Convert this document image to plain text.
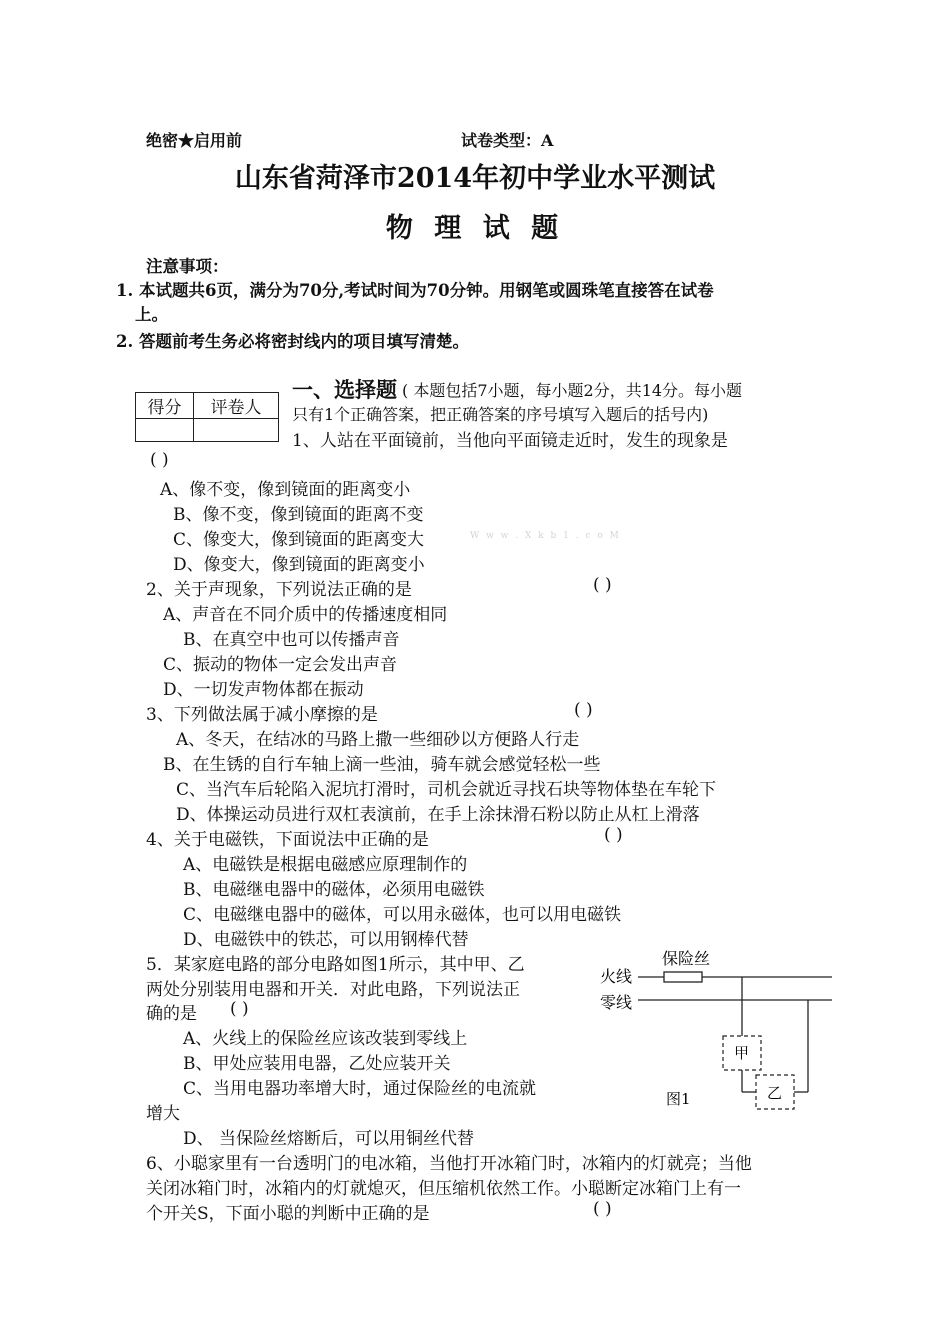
绝密★启用前	试卷类型：A
山东省菏泽市2014年初中学业水平测试
物 理 试 题
注意事项：
1. 本试题共6页，满分为70分,考试时间为70分钟。用钢笔或圆珠笔直接答在试卷
上。
2. 答题前考生务必将密封线内的项目填写清楚。
得分	评卷人

一、选择题 ( 本题包括7小题，每小题2分，共14分。每小题
只有1个正确答案，把正确答案的序号填写入题后的括号内)
1、人站在平面镜前，当他向平面镜走近时，发生的现象是
( )
A、像不变，像到镜面的距离变小
B、像不变，像到镜面的距离不变
C、像变大，像到镜面的距离变大	W w w . X k b 1 . c o M
D、像变大，像到镜面的距离变小
2、关于声现象，下列说法正确的是	( )
A、声音在不同介质中的传播速度相同
B、在真空中也可以传播声音
C、振动的物体一定会发出声音
D、一切发声物体都在振动
3、下列做法属于减小摩擦的是	( )
A、冬天，在结冰的马路上撒一些细砂以方便路人行走
B、在生锈的自行车轴上滴一些油，骑车就会感觉轻松一些
C、当汽车后轮陷入泥坑打滑时，司机会就近寻找石块等物体垫在车轮下
D、体操运动员进行双杠表演前，在手上涂抹滑石粉以防止从杠上滑落
4、关于电磁铁，下面说法中正确的是	( )
A、电磁铁是根据电磁感应原理制作的
B、电磁继电器中的磁体，必须用电磁铁
C、电磁继电器中的磁体，可以用永磁体，也可以用电磁铁
D、电磁铁中的铁芯，可以用钢棒代替
5．某家庭电路的部分电路如图1所示，其中甲、乙
两处分别装用电器和开关．对此电路，下列说法正
确的是 ( )
A、火线上的保险丝应该改装到零线上
B、甲处应装用电器，乙处应装开关
C、当用电器功率增大时，通过保险丝的电流就
增大
D、 当保险丝熔断后，可以用铜丝代替
保险丝
火线
零线
甲
乙
图1
6、小聪家里有一台透明门的电冰箱，当他打开冰箱门时，冰箱内的灯就亮；当他
关闭冰箱门时，冰箱内的灯就熄灭，但压缩机依然工作。小聪断定冰箱门上有一
个开关S，下面小聪的判断中正确的是	( )
